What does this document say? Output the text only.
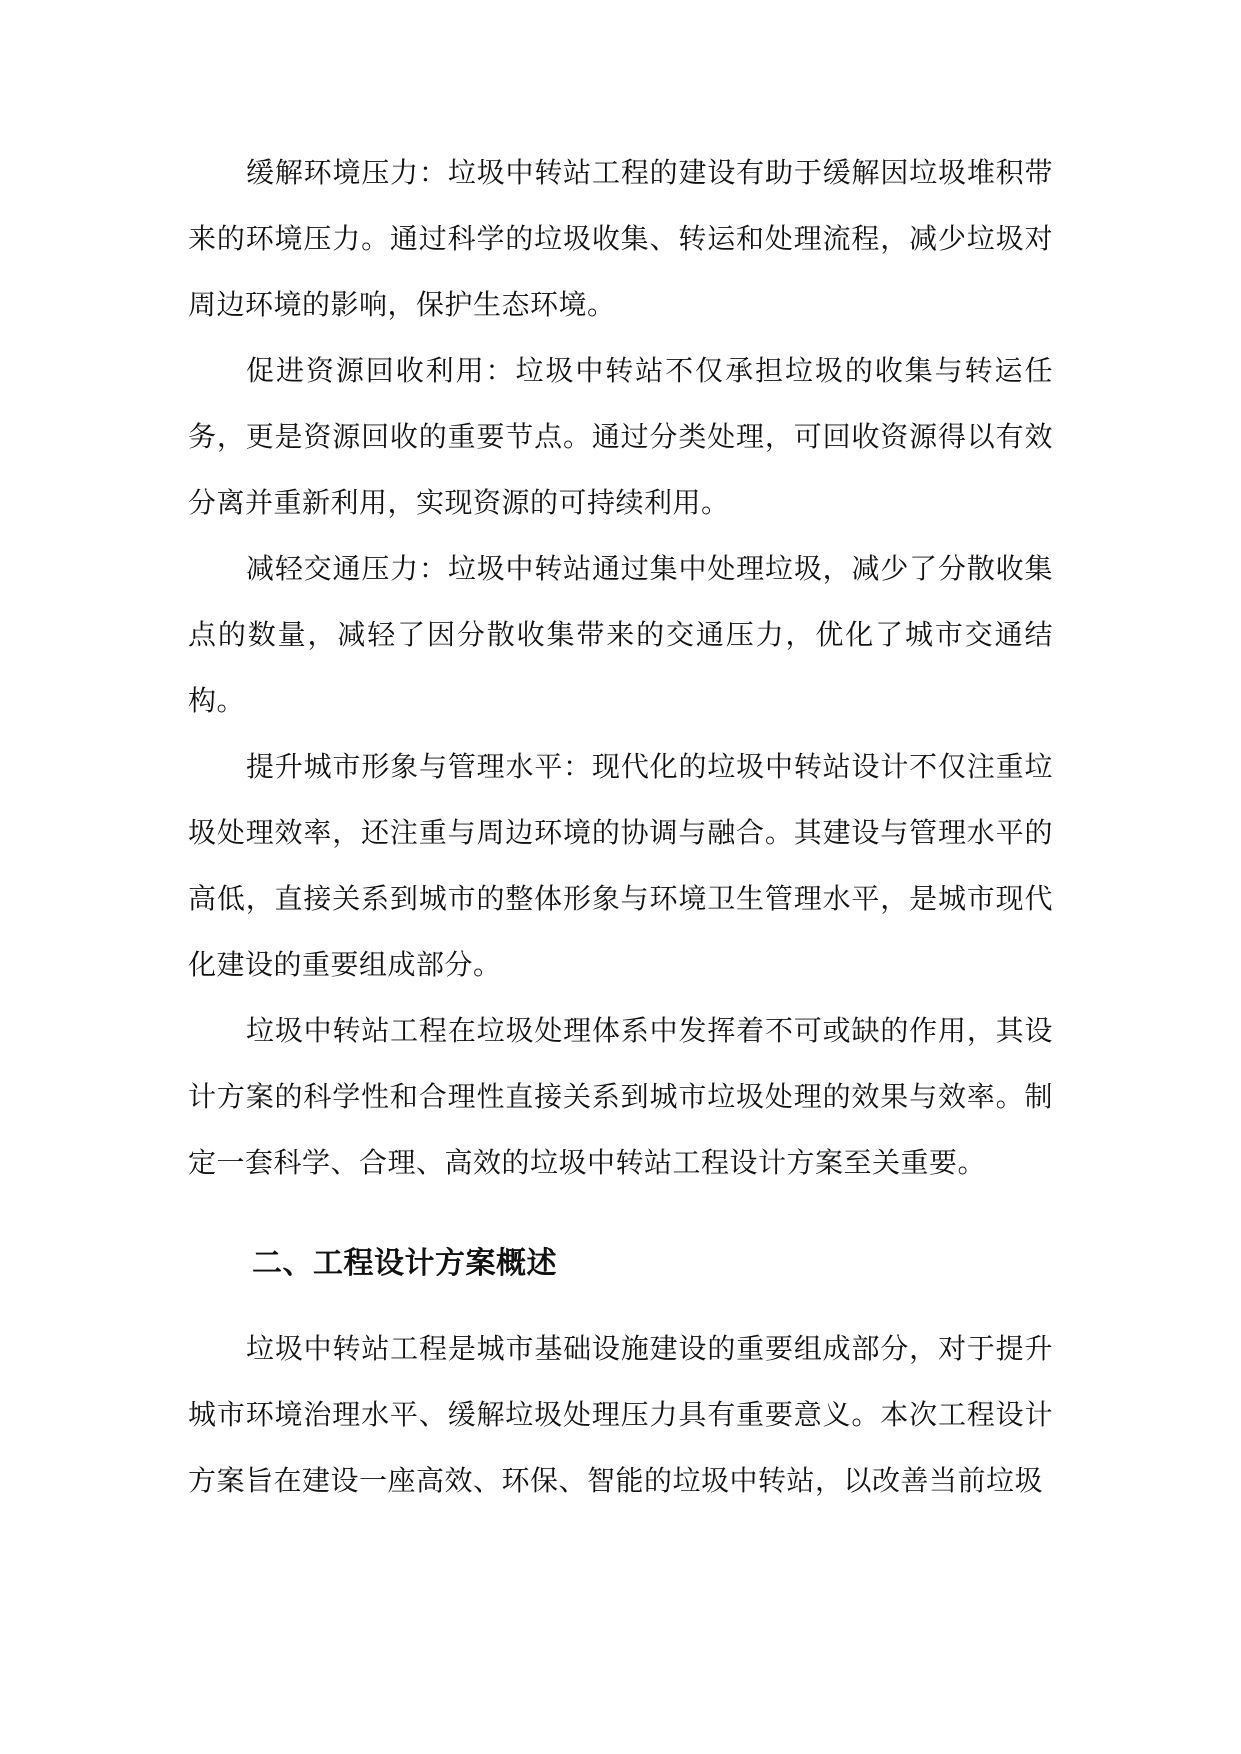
缓解环境压力：垃圾中转站工程的建设有助于缓解因垃圾堆积带来的环境压力。通过科学的垃圾收集、转运和处理流程，减少垃圾对周边环境的影响，保护生态环境。

促进资源回收利用：垃圾中转站不仅承担垃圾的收集与转运任务，更是资源回收的重要节点。通过分类处理，可回收资源得以有效分离并重新利用，实现资源的可持续利用。

减轻交通压力：垃圾中转站通过集中处理垃圾，减少了分散收集点的数量，减轻了因分散收集带来的交通压力，优化了城市交通结构。

提升城市形象与管理水平：现代化的垃圾中转站设计不仅注重垃圾处理效率，还注重与周边环境的协调与融合。其建设与管理水平的高低，直接关系到城市的整体形象与环境卫生管理水平，是城市现代化建设的重要组成部分。

垃圾中转站工程在垃圾处理体系中发挥着不可或缺的作用，其设计方案的科学性和合理性直接关系到城市垃圾处理的效果与效率。制定一套科学、合理、高效的垃圾中转站工程设计方案至关重要。

二、工程设计方案概述

垃圾中转站工程是城市基础设施建设的重要组成部分，对于提升城市环境治理水平、缓解垃圾处理压力具有重要意义。本次工程设计方案旨在建设一座高效、环保、智能的垃圾中转站，以改善当前垃圾
